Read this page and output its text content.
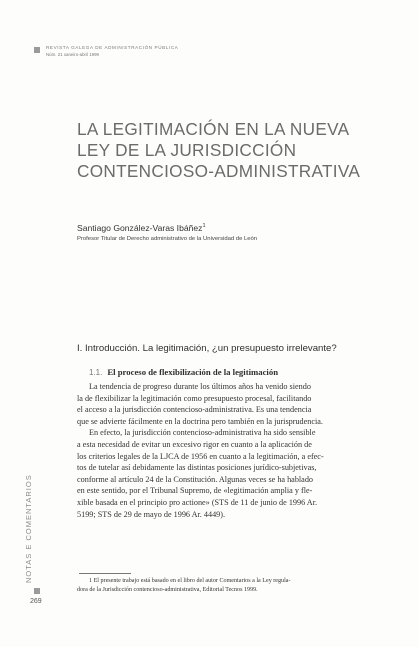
REVISTA GALEGA DE ADMINISTRACIÓN PÚBLICA
Núm. 21 xaneiro-abril 1999
LA LEGITIMACIÓN EN LA NUEVA
LEY DE LA JURISDICCIÓN
CONTENCIOSO-ADMINISTRATIVA
Santiago González-Varas Ibáñez$^1$
Profesor Titular de Derecho administrativo de la Universidad de León
I. Introducción. La legitimación, ¿un presupuesto irrelevante?
1.1. El proceso de flexibilización de la legitimación
La tendencia de progreso durante los últimos años ha venido siendo
la de flexibilizar la legitimación como presupuesto procesal, facilitando
el acceso a la jurisdicción contencioso-administrativa. Es una tendencia
que se advierte fácilmente en la doctrina pero también en la jurisprudencia.
En efecto, la jurisdicción contencioso-administrativa ha sido sensible
a esta necesidad de evitar un excesivo rigor en cuanto a la aplicación de
los criterios legales de la LJCA de 1956 en cuanto a la legitimación, a efec-
tos de tutelar así debidamente las distintas posiciones jurídico-subjetivas,
conforme al artículo 24 de la Constitución. Algunas veces se ha hablado
en este sentido, por el Tribunal Supremo, de «legitimación amplia y fle-
xible basada en el principio pro actione» (STS de 11 de junio de 1996 Ar.
5199; STS de 29 de mayo de 1996 Ar. 4449).
1 El presente trabajo está basado en el libro del autor Comentarios a la Ley regula-
dora de la Jurisdicción contencioso-administrativa, Editorial Tecnos 1999.
NOTAS E COMENTARIOS
269
